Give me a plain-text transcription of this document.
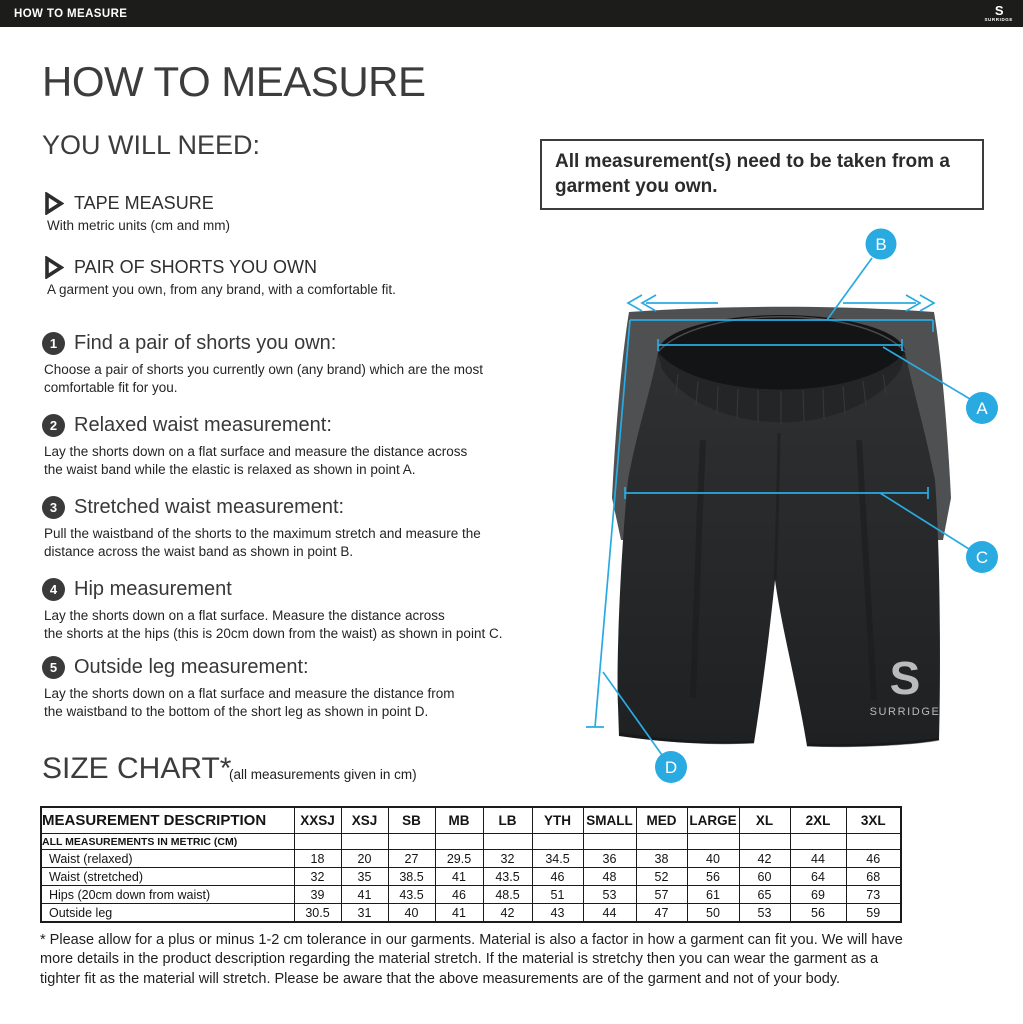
HOW TO MEASURE	S
SURRIDGE
HOW TO MEASURE
YOU WILL NEED:
TAPE MEASURE
With metric units (cm and mm)
PAIR OF SHORTS YOU OWN
A garment you own, from any brand, with a comfortable fit.
All measurement(s) need to be taken from a
garment you own.
1 Find a pair of shorts you own:
Choose a pair of shorts you currently own (any brand) which are the most
comfortable fit for you.
2 Relaxed waist measurement:
Lay the shorts down on a flat surface and measure the distance across
the waist band while the elastic is relaxed as shown in point A.
3 Stretched waist measurement:
Pull the waistband of the shorts to the maximum stretch and measure the
distance across the waist band as shown in point B.
4 Hip measurement
Lay the shorts down on a flat surface. Measure the distance across
the shorts at the hips (this is 20cm down from the waist) as shown in point C.
5 Outside leg measurement:
Lay the shorts down on a flat surface and measure the distance from
the waistband to the bottom of the short leg as shown in point D.
S
SURRIDGE
B
A
C
D
SIZE CHART*
(all measurements given in cm)
MEASUREMENT DESCRIPTION	XXSJ	XSJ	SB	MB	LB	YTH	SMALL	MED	LARGE	XL	2XL	3XL
ALL MEASUREMENTS IN METRIC (CM)												
Waist (relaxed)	18	20	27	29.5	32	34.5	36	38	40	42	44	46
Waist (stretched)	32	35	38.5	41	43.5	46	48	52	56	60	64	68
Hips (20cm down from waist)	39	41	43.5	46	48.5	51	53	57	61	65	69	73
Outside leg	30.5	31	40	41	42	43	44	47	50	53	56	59
* Please allow for a plus or minus 1-2 cm tolerance in our garments. Material is also a factor in how a garment can fit you. We will have
more details in the product description regarding the material stretch. If the material is stretchy then you can wear the garment as a
tighter fit as the material will stretch. Please be aware that the above measurements are of the garment and not of your body.
